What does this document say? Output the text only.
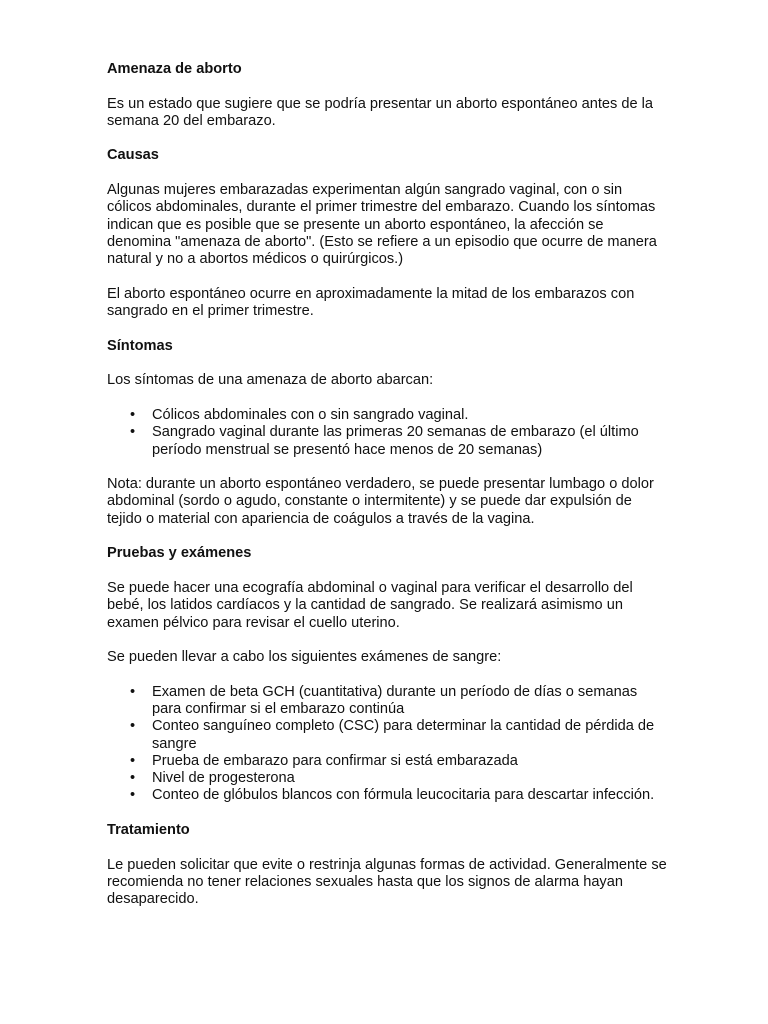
Amenaza de aborto

Es un estado que sugiere que se podría presentar un aborto espontáneo antes de la semana 20 del embarazo.

Causas

Algunas mujeres embarazadas experimentan algún sangrado vaginal, con o sin cólicos abdominales, durante el primer trimestre del embarazo. Cuando los síntomas indican que es posible que se presente un aborto espontáneo, la afección se denomina "amenaza de aborto". (Esto se refiere a un episodio que ocurre de manera natural y no a abortos médicos o quirúrgicos.)

El aborto espontáneo ocurre en aproximadamente la mitad de los embarazos con sangrado en el primer trimestre.

Síntomas

Los síntomas de una amenaza de aborto abarcan:

• Cólicos abdominales con o sin sangrado vaginal.
• Sangrado vaginal durante las primeras 20 semanas de embarazo (el último período menstrual se presentó hace menos de 20 semanas)

Nota: durante un aborto espontáneo verdadero, se puede presentar lumbago o dolor abdominal (sordo o agudo, constante o intermitente) y se puede dar expulsión de tejido o material con apariencia de coágulos a través de la vagina.

Pruebas y exámenes

Se puede hacer una ecografía abdominal o vaginal para verificar el desarrollo del bebé, los latidos cardíacos y la cantidad de sangrado. Se realizará asimismo un examen pélvico para revisar el cuello uterino.

Se pueden llevar a cabo los siguientes exámenes de sangre:

• Examen de beta GCH (cuantitativa) durante un período de días o semanas para confirmar si el embarazo continúa
• Conteo sanguíneo completo (CSC) para determinar la cantidad de pérdida de sangre
• Prueba de embarazo para confirmar si está embarazada
• Nivel de progesterona
• Conteo de glóbulos blancos con fórmula leucocitaria para descartar infección.
Tratamiento

Le pueden solicitar que evite o restrinja algunas formas de actividad. Generalmente se recomienda no tener relaciones sexuales hasta que los signos de alarma hayan desaparecido.
